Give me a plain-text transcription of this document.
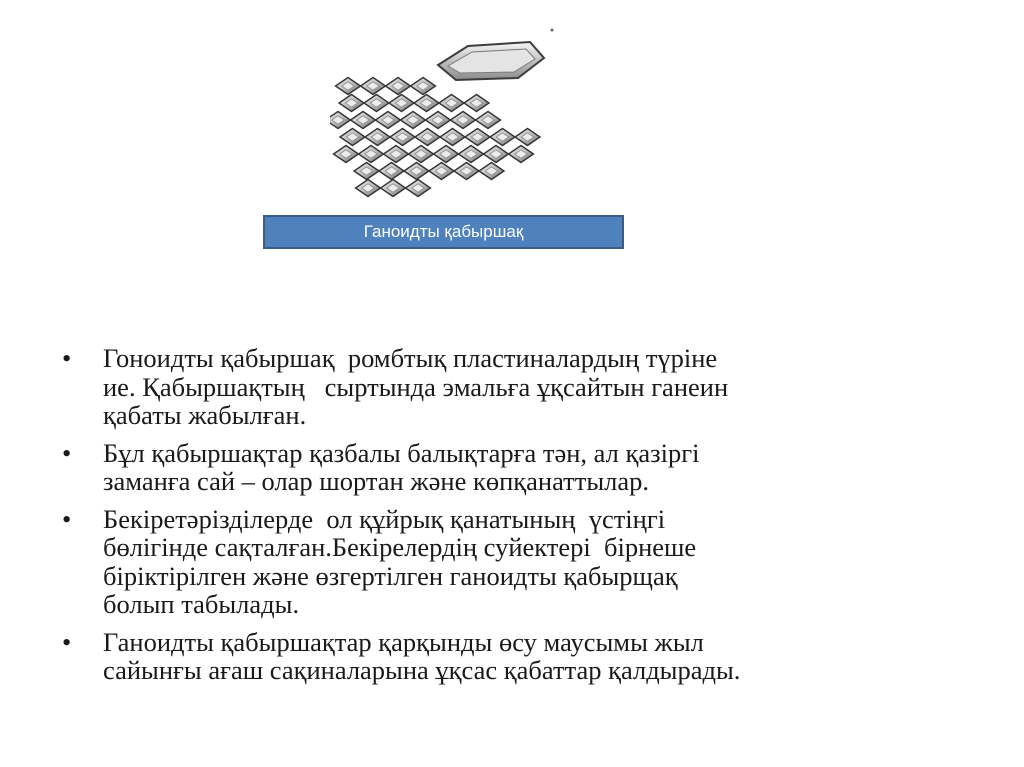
Ганоидты қабыршақ
•	Гоноидты қабыршақ  ромбтық пластиналардың түріне
ие. Қабыршақтың   сыртында эмальға ұқсайтын ганеин
қабаты жабылған.
•	Бұл қабыршақтар қазбалы балықтарға тән, ал қазіргі
заманға сай – олар шортан және көпқанаттылар.
•	Бекіретәрізділерде  ол құйрық қанатының  үстіңгі
бөлігінде сақталған.Бекірелердің суйектері  бірнеше
біріктірілген және өзгертілген ганоидты қабырщақ
болып табылады.
•	Ганоидты қабыршақтар қарқынды өсу маусымы жыл
сайынғы ағаш сақиналарына ұқсас қабаттар қалдырады.
